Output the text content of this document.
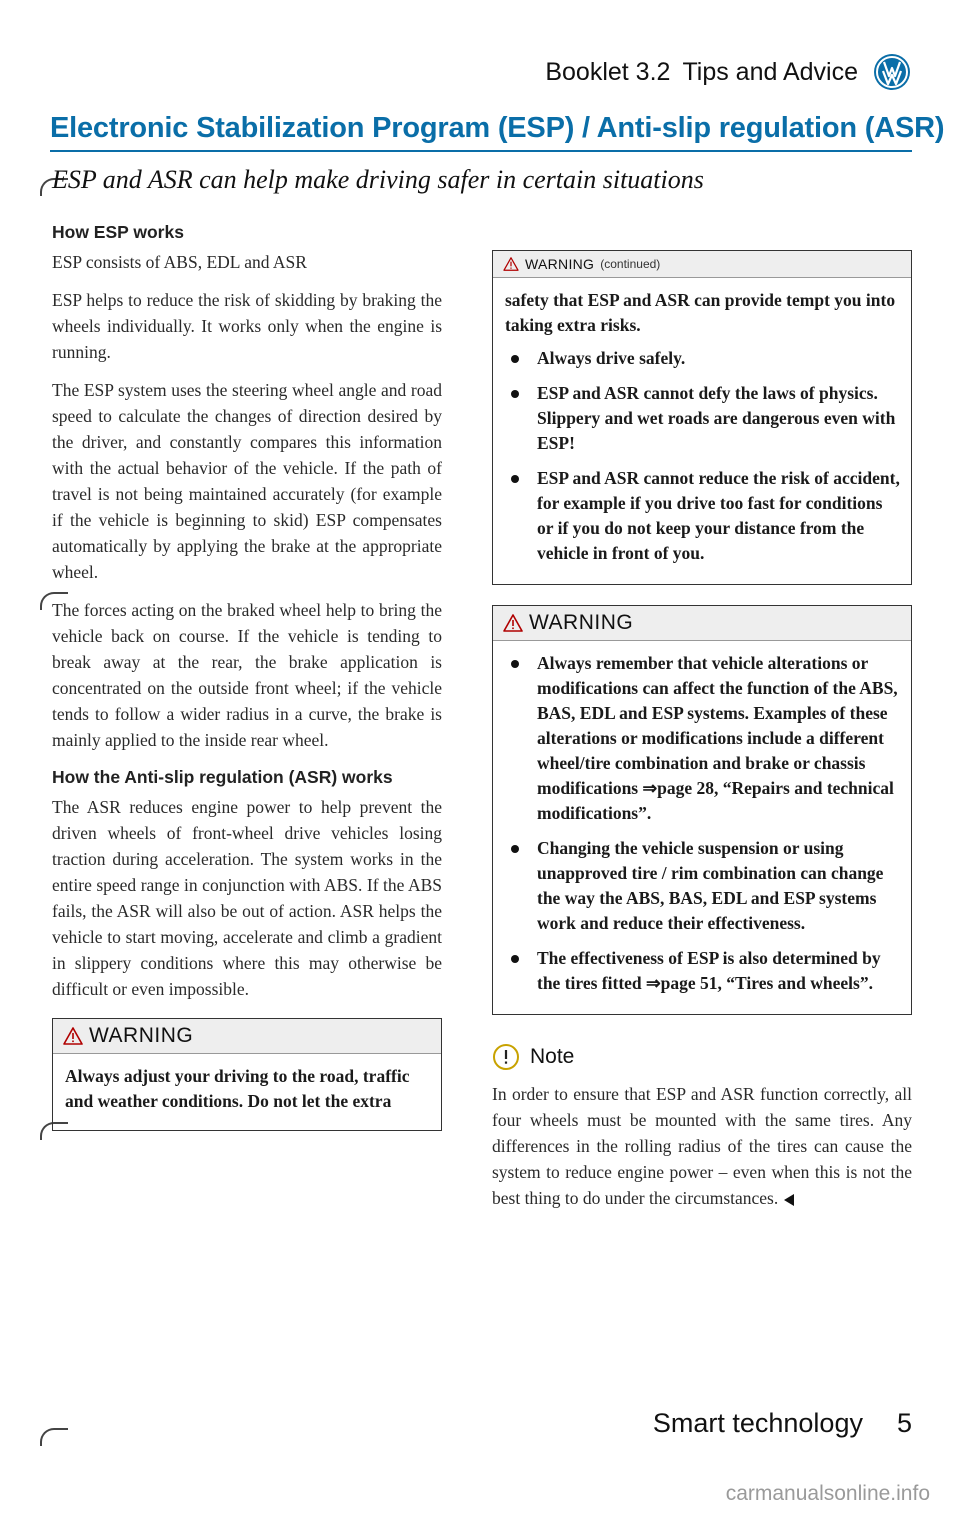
Booklet 3.2 Tips and Advice
Electronic Stabilization Program (ESP) / Anti-slip regulation (ASR)

ESP and ASR can help make driving safer in certain situations

How ESP works

ESP consists of ABS, EDL and ASR

ESP helps to reduce the risk of skidding by braking the wheels individually. It works only when the engine is running.

The ESP system uses the steering wheel angle and road speed to calculate the changes of direction desired by the driver, and constantly compares this information with the actual behavior of the vehicle. If the path of travel is not being maintained accurately (for example if the vehicle is beginning to skid) ESP compensates automatically by applying the brake at the appropriate wheel.

The forces acting on the braked wheel help to bring the vehicle back on course. If the vehicle is tending to break away at the rear, the brake application is concentrated on the outside front wheel; if the vehicle tends to follow a wider radius in a curve, the brake is mainly applied to the inside rear wheel.

How the Anti-slip regulation (ASR) works

The ASR reduces engine power to help prevent the driven wheels of front-wheel drive vehicles losing traction during acceleration. The system works in the entire speed range in conjunction with ABS. If the ABS fails, the ASR will also be out of action. ASR helps the vehicle to start moving, accelerate and climb a gradient in slippery conditions where this may otherwise be difficult or even impossible.

WARNING

Always adjust your driving to the road, traffic and weather conditions. Do not let the extra

WARNING (continued)

safety that ESP and ASR can provide tempt you into taking extra risks.

Always drive safely.
ESP and ASR cannot defy the laws of physics. Slippery and wet roads are dangerous even with ESP!
ESP and ASR cannot reduce the risk of accident, for example if you drive too fast for conditions or if you do not keep your distance from the vehicle in front of you.
WARNING
Always remember that vehicle alterations or modifications can affect the function of the ABS, BAS, EDL and ESP systems. Examples of these alterations or modifications include a different wheel/tire combination and brake or chassis modifications ⇒page 28, “Repairs and technical modifications”.
Changing the vehicle suspension or using unapproved tire / rim combination can change the way the ABS, BAS, EDL and ESP systems work and reduce their effectiveness.
The effectiveness of ESP is also determined by the tires fitted ⇒page 51, “Tires and wheels”.
Note

In order to ensure that ESP and ASR function correctly, all four wheels must be mounted with the same tires. Any differences in the rolling radius of the tires can cause the system to reduce engine power – even when this is not the best thing to do under the circumstances.

Smart technology 5
carmanualsonline.info
